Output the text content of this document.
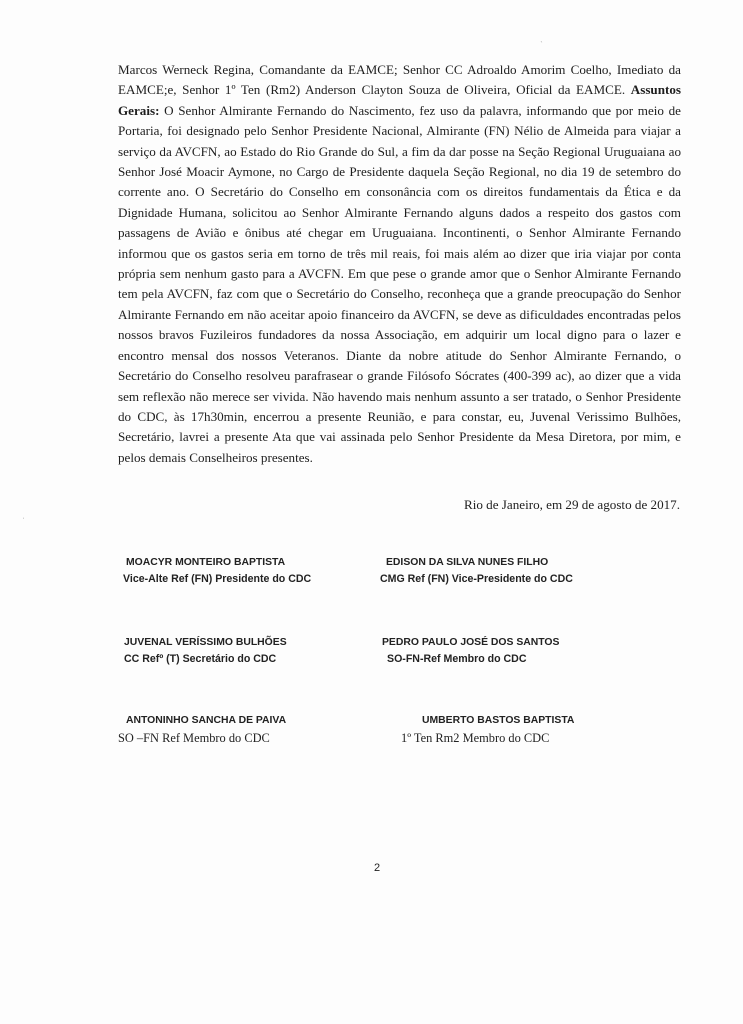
Marcos Werneck Regina, Comandante da EAMCE; Senhor CC Adroaldo Amorim Coelho, Imediato da EAMCE;e, Senhor 1º Ten (Rm2) Anderson Clayton Souza de Oliveira, Oficial da EAMCE. Assuntos Gerais: O Senhor Almirante Fernando do Nascimento, fez uso da palavra, informando que por meio de Portaria, foi designado pelo Senhor Presidente Nacional, Almirante (FN) Nélio de Almeida para viajar a serviço da AVCFN, ao Estado do Rio Grande do Sul, a fim da dar posse na Seção Regional Uruguaiana ao Senhor José Moacir Aymone, no Cargo de Presidente daquela Seção Regional, no dia 19 de setembro do corrente ano. O Secretário do Conselho em consonância com os direitos fundamentais da Ética e da Dignidade Humana, solicitou ao Senhor Almirante Fernando alguns dados a respeito dos gastos com passagens de Avião e ônibus até chegar em Uruguaiana. Incontinenti, o Senhor Almirante Fernando informou que os gastos seria em torno de três mil reais, foi mais além ao dizer que iria viajar por conta própria sem nenhum gasto para a AVCFN. Em que pese o grande amor que o Senhor Almirante Fernando tem pela AVCFN, faz com que o Secretário do Conselho, reconheça que a grande preocupação do Senhor Almirante Fernando em não aceitar apoio financeiro da AVCFN, se deve as dificuldades encontradas pelos nossos bravos Fuzileiros fundadores da nossa Associação, em adquirir um local digno para o lazer e encontro mensal dos nossos Veteranos. Diante da nobre atitude do Senhor Almirante Fernando, o Secretário do Conselho resolveu parafrasear o grande Filósofo Sócrates (400-399 ac), ao dizer que a vida sem reflexão não merece ser vivida. Não havendo mais nenhum assunto a ser tratado, o Senhor Presidente do CDC, às 17h30min, encerrou a presente Reunião, e para constar, eu, Juvenal Verissimo Bulhões, Secretário, lavrei a presente Ata que vai assinada pelo Senhor Presidente da Mesa Diretora, por mim, e pelos demais Conselheiros presentes.

Rio de Janeiro, em 29 de agosto de 2017.

MOACYR MONTEIRO BAPTISTA
Vice-Alte Ref (FN) Presidente do CDC
EDISON DA SILVA NUNES FILHO
CMG Ref (FN) Vice-Presidente do CDC
JUVENAL VERÍSSIMO BULHÕES
CC Refº (T) Secretário do CDC
PEDRO PAULO JOSÉ DOS SANTOS
SO-FN-Ref Membro do CDC
ANTONINHO SANCHA DE PAIVA
SO –FN Ref Membro do CDC
UMBERTO BASTOS BAPTISTA
1º Ten Rm2 Membro do CDC
2
ˋ
ˈ
